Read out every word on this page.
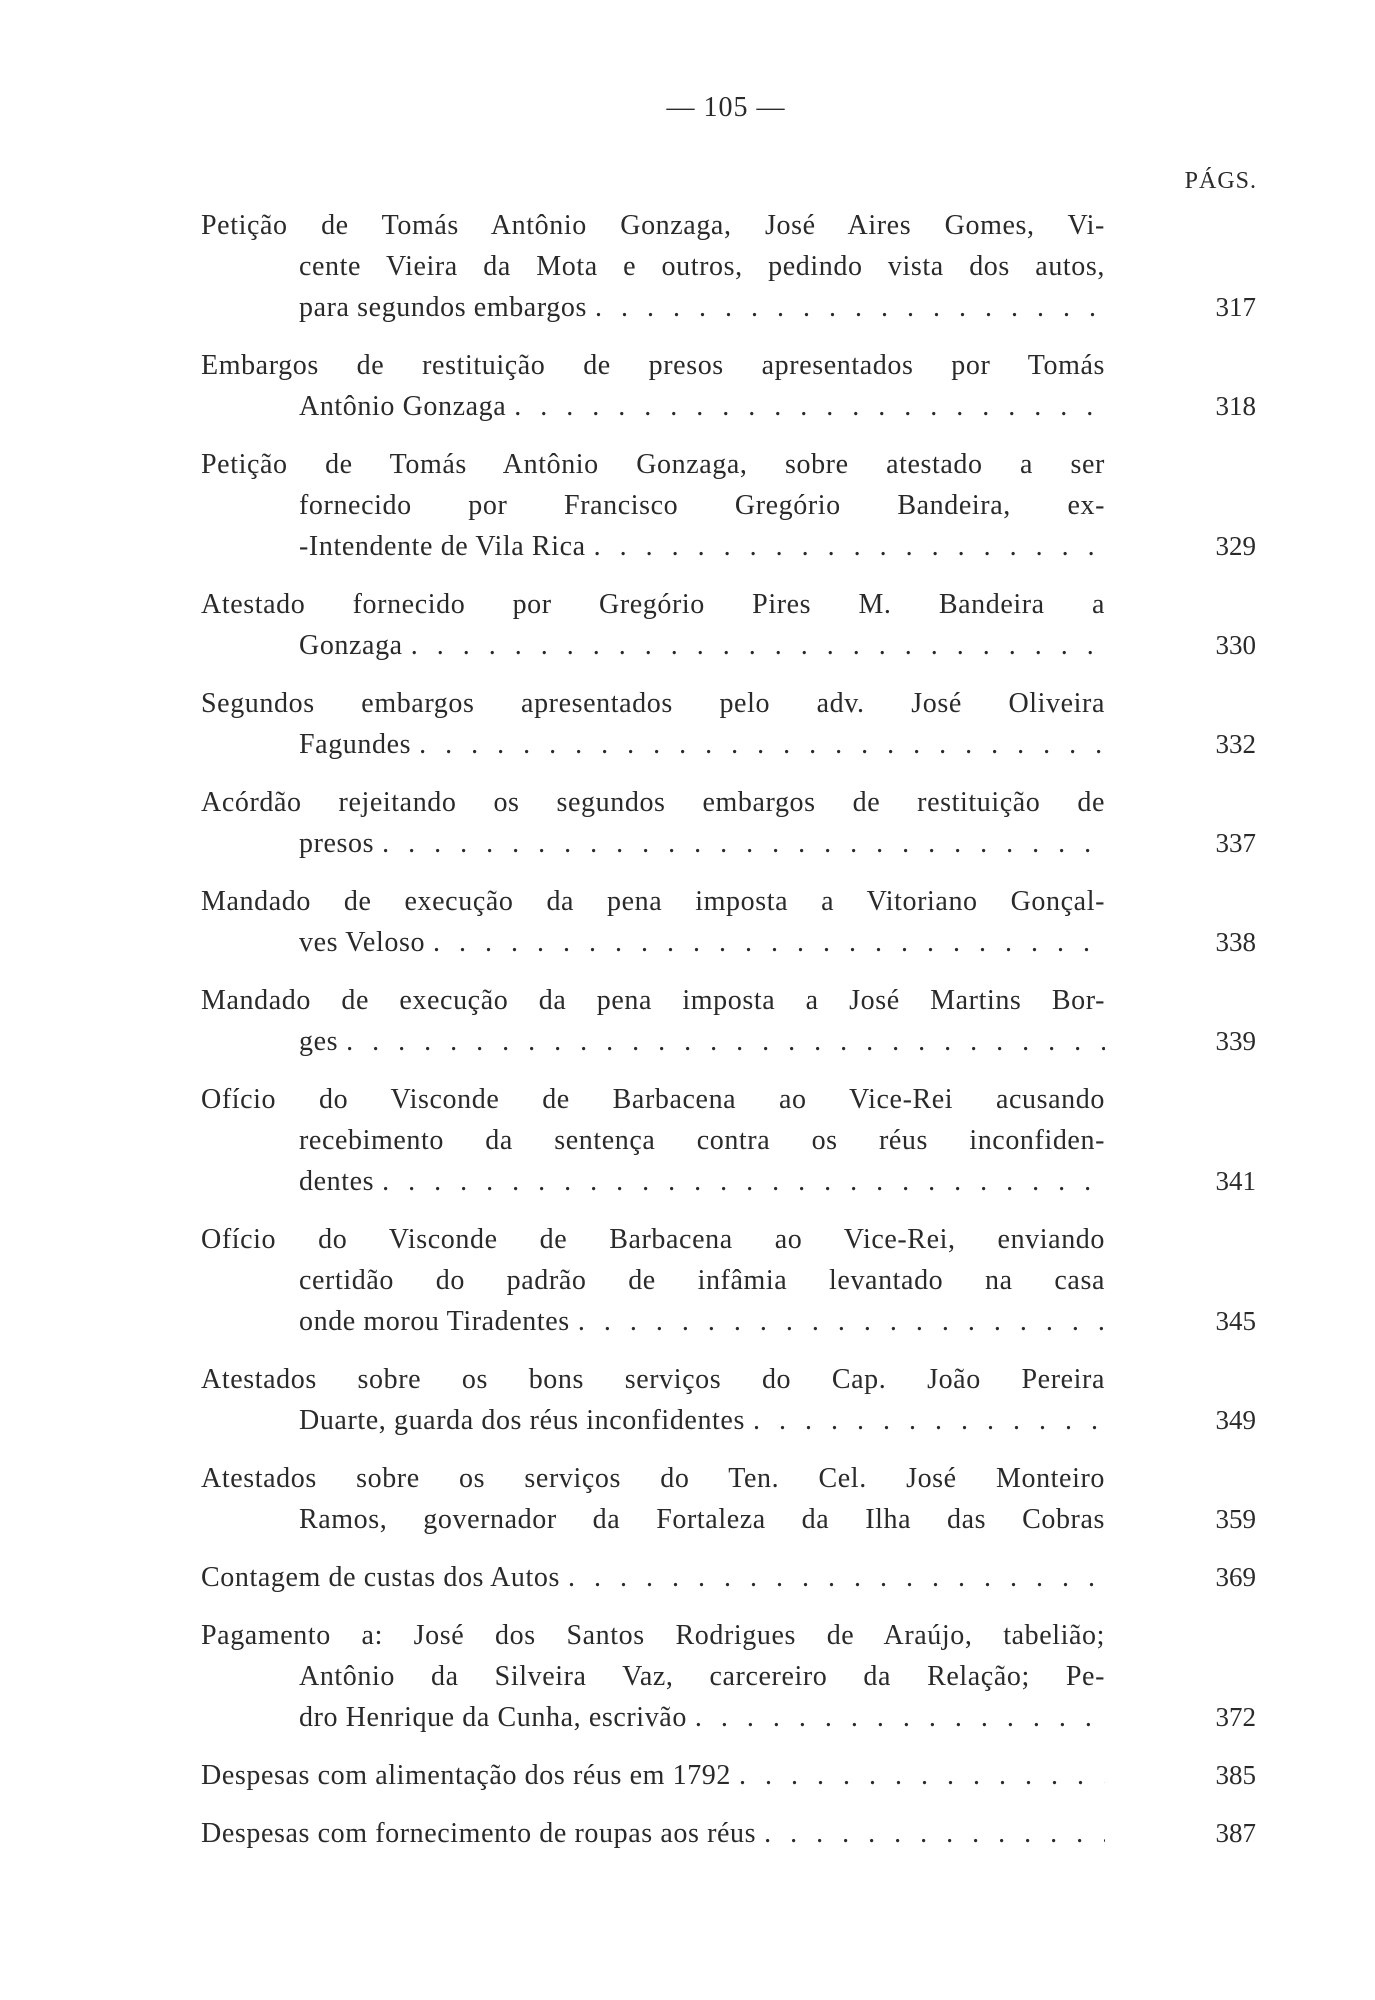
— 105 —
PÁGS.
Petição de Tomás Antônio Gonzaga, José Aires Gomes, Vi-
cente Vieira da Mota e outros, pedindo vista dos autos,
para segundos embargos . . .	317
Embargos de restituição de presos apresentados por Tomás
Antônio Gonzaga . . .	318
Petição de Tomás Antônio Gonzaga, sobre atestado a ser
fornecido por Francisco Gregório Bandeira, ex-
-Intendente de Vila Rica . . .	329
Atestado fornecido por Gregório Pires M. Bandeira a
Gonzaga . . .	330
Segundos embargos apresentados pelo adv. José Oliveira
Fagundes . . .	332
Acórdão rejeitando os segundos embargos de restituição de
presos . . .	337
Mandado de execução da pena imposta a Vitoriano Gonçal-
ves Veloso . . .	338
Mandado de execução da pena imposta a José Martins Bor-
ges . . .	339
Ofício do Visconde de Barbacena ao Vice-Rei acusando
recebimento da sentença contra os réus inconfiden-
dentes . . .	341
Ofício do Visconde de Barbacena ao Vice-Rei, enviando
certidão do padrão de infâmia levantado na casa
onde morou Tiradentes . . .	345
Atestados sobre os bons serviços do Cap. João Pereira
Duarte, guarda dos réus inconfidentes . . .	349
Atestados sobre os serviços do Ten. Cel. José Monteiro
Ramos, governador da Fortaleza da Ilha das Cobras	359
Contagem de custas dos Autos . . .	369
Pagamento a: José dos Santos Rodrigues de Araújo, tabelião;
Antônio da Silveira Vaz, carcereiro da Relação; Pe-
dro Henrique da Cunha, escrivão . . .	372
Despesas com alimentação dos réus em 1792 . . .	385
Despesas com fornecimento de roupas aos réus . . .	387
